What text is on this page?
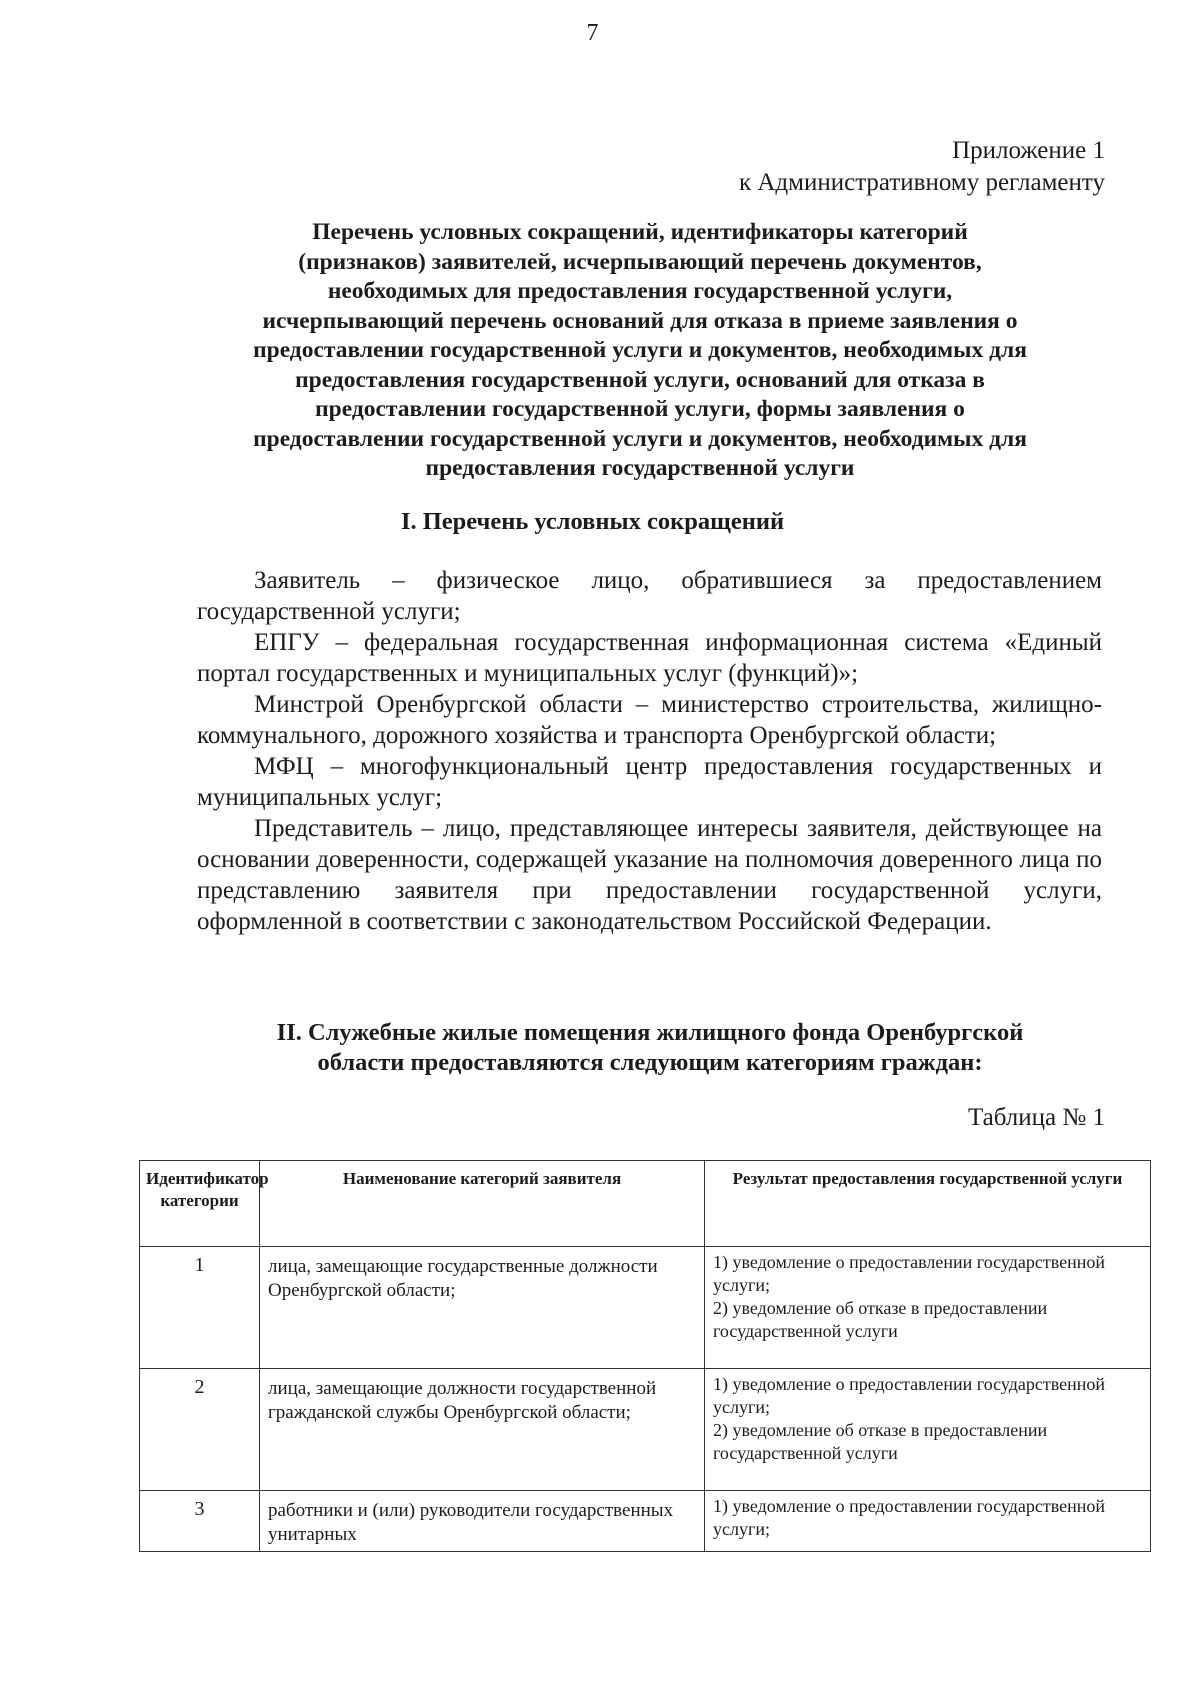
7
Приложение 1
к Административному регламенту
Перечень условных сокращений, идентификаторы категорий
(признаков) заявителей, исчерпывающий перечень документов,
необходимых для предоставления государственной услуги,
исчерпывающий перечень оснований для отказа в приеме заявления о
предоставлении государственной услуги и документов, необходимых для
предоставления государственной услуги, оснований для отказа в
предоставлении государственной услуги, формы заявления о
предоставлении государственной услуги и документов, необходимых для
предоставления государственной услуги
I. Перечень условных сокращений

Заявитель – физическое лицо, обратившиеся за предоставлением государственной услуги;

ЕПГУ – федеральная государственная информационная система «Единый портал государственных и муниципальных услуг (функций)»;

Минстрой Оренбургской области – министерство строительства, жилищно-коммунального, дорожного хозяйства и транспорта Оренбургской области;

МФЦ – многофункциональный центр предоставления государственных и муниципальных услуг;

Представитель – лицо, представляющее интересы заявителя, действующее на основании доверенности, содержащей указание на полномочия доверенного лица по представлению заявителя при предоставлении государственной услуги, оформленной в соответствии с законодательством Российской Федерации.

II. Служебные жилые помещения жилищного фонда Оренбургской
области предоставляются следующим категориям граждан:
Таблица № 1
Идентификатор категории	Наименование категорий заявителя	Результат предоставления государственной услуги
1	лица, замещающие государственные должности Оренбургской области;	1) уведомление о предоставлении государственной услуги;
2) уведомление об отказе в предоставлении государственной услуги

2	лица, замещающие должности государственной гражданской службы Оренбургской области;	1) уведомление о предоставлении государственной услуги;
2) уведомление об отказе в предоставлении государственной услуги

3	работники и (или) руководители государственных унитарных	1) уведомление о предоставлении государственной услуги;
